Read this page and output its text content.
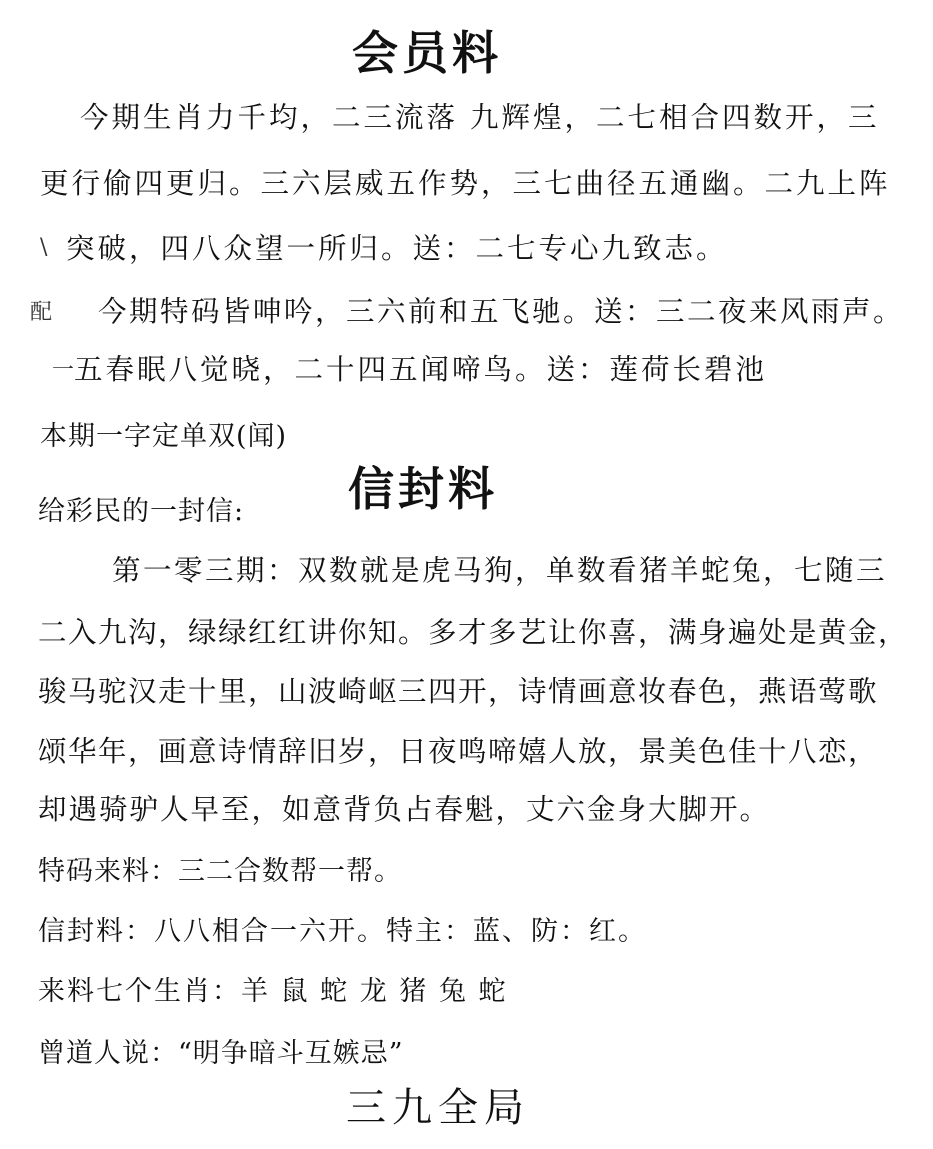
会员料
今期生肖力千均，二三流落 九辉煌，二七相合四数开，三
更行偷四更归。三六层威五作势，三七曲径五通幽。二九上阵
\ 突破，四八众望一所归。送：二七专心九致志。
配 今期特码皆呻吟，三六前和五飞驰。送：三二夜来风雨声。
一 五春眠八觉晓，二十四五闻啼鸟。送：莲荷长碧池
本期一字定单双(闻)
给彩民的一封信: 信封料
第一零三期：双数就是虎马狗，单数看猪羊蛇兔，七随三
二入九沟，绿绿红红讲你知。多才多艺让你喜，满身遍处是黄金，
骏马驼汉走十里，山波崎岖三四开，诗情画意妆春色，燕语莺歌
颂华年，画意诗情辞旧岁，日夜鸣啼嬉人放，景美色佳十八恋，
却遇骑驴人早至，如意背负占春魁，丈六金身大脚开。
特码来料：三二合数帮一帮。
信封料：八八相合一六开。特主：蓝、防：红。
来料七个生肖：羊 鼠 蛇 龙 猪 兔 蛇
曾道人说：“明争暗斗互嫉忌”
三九全局
